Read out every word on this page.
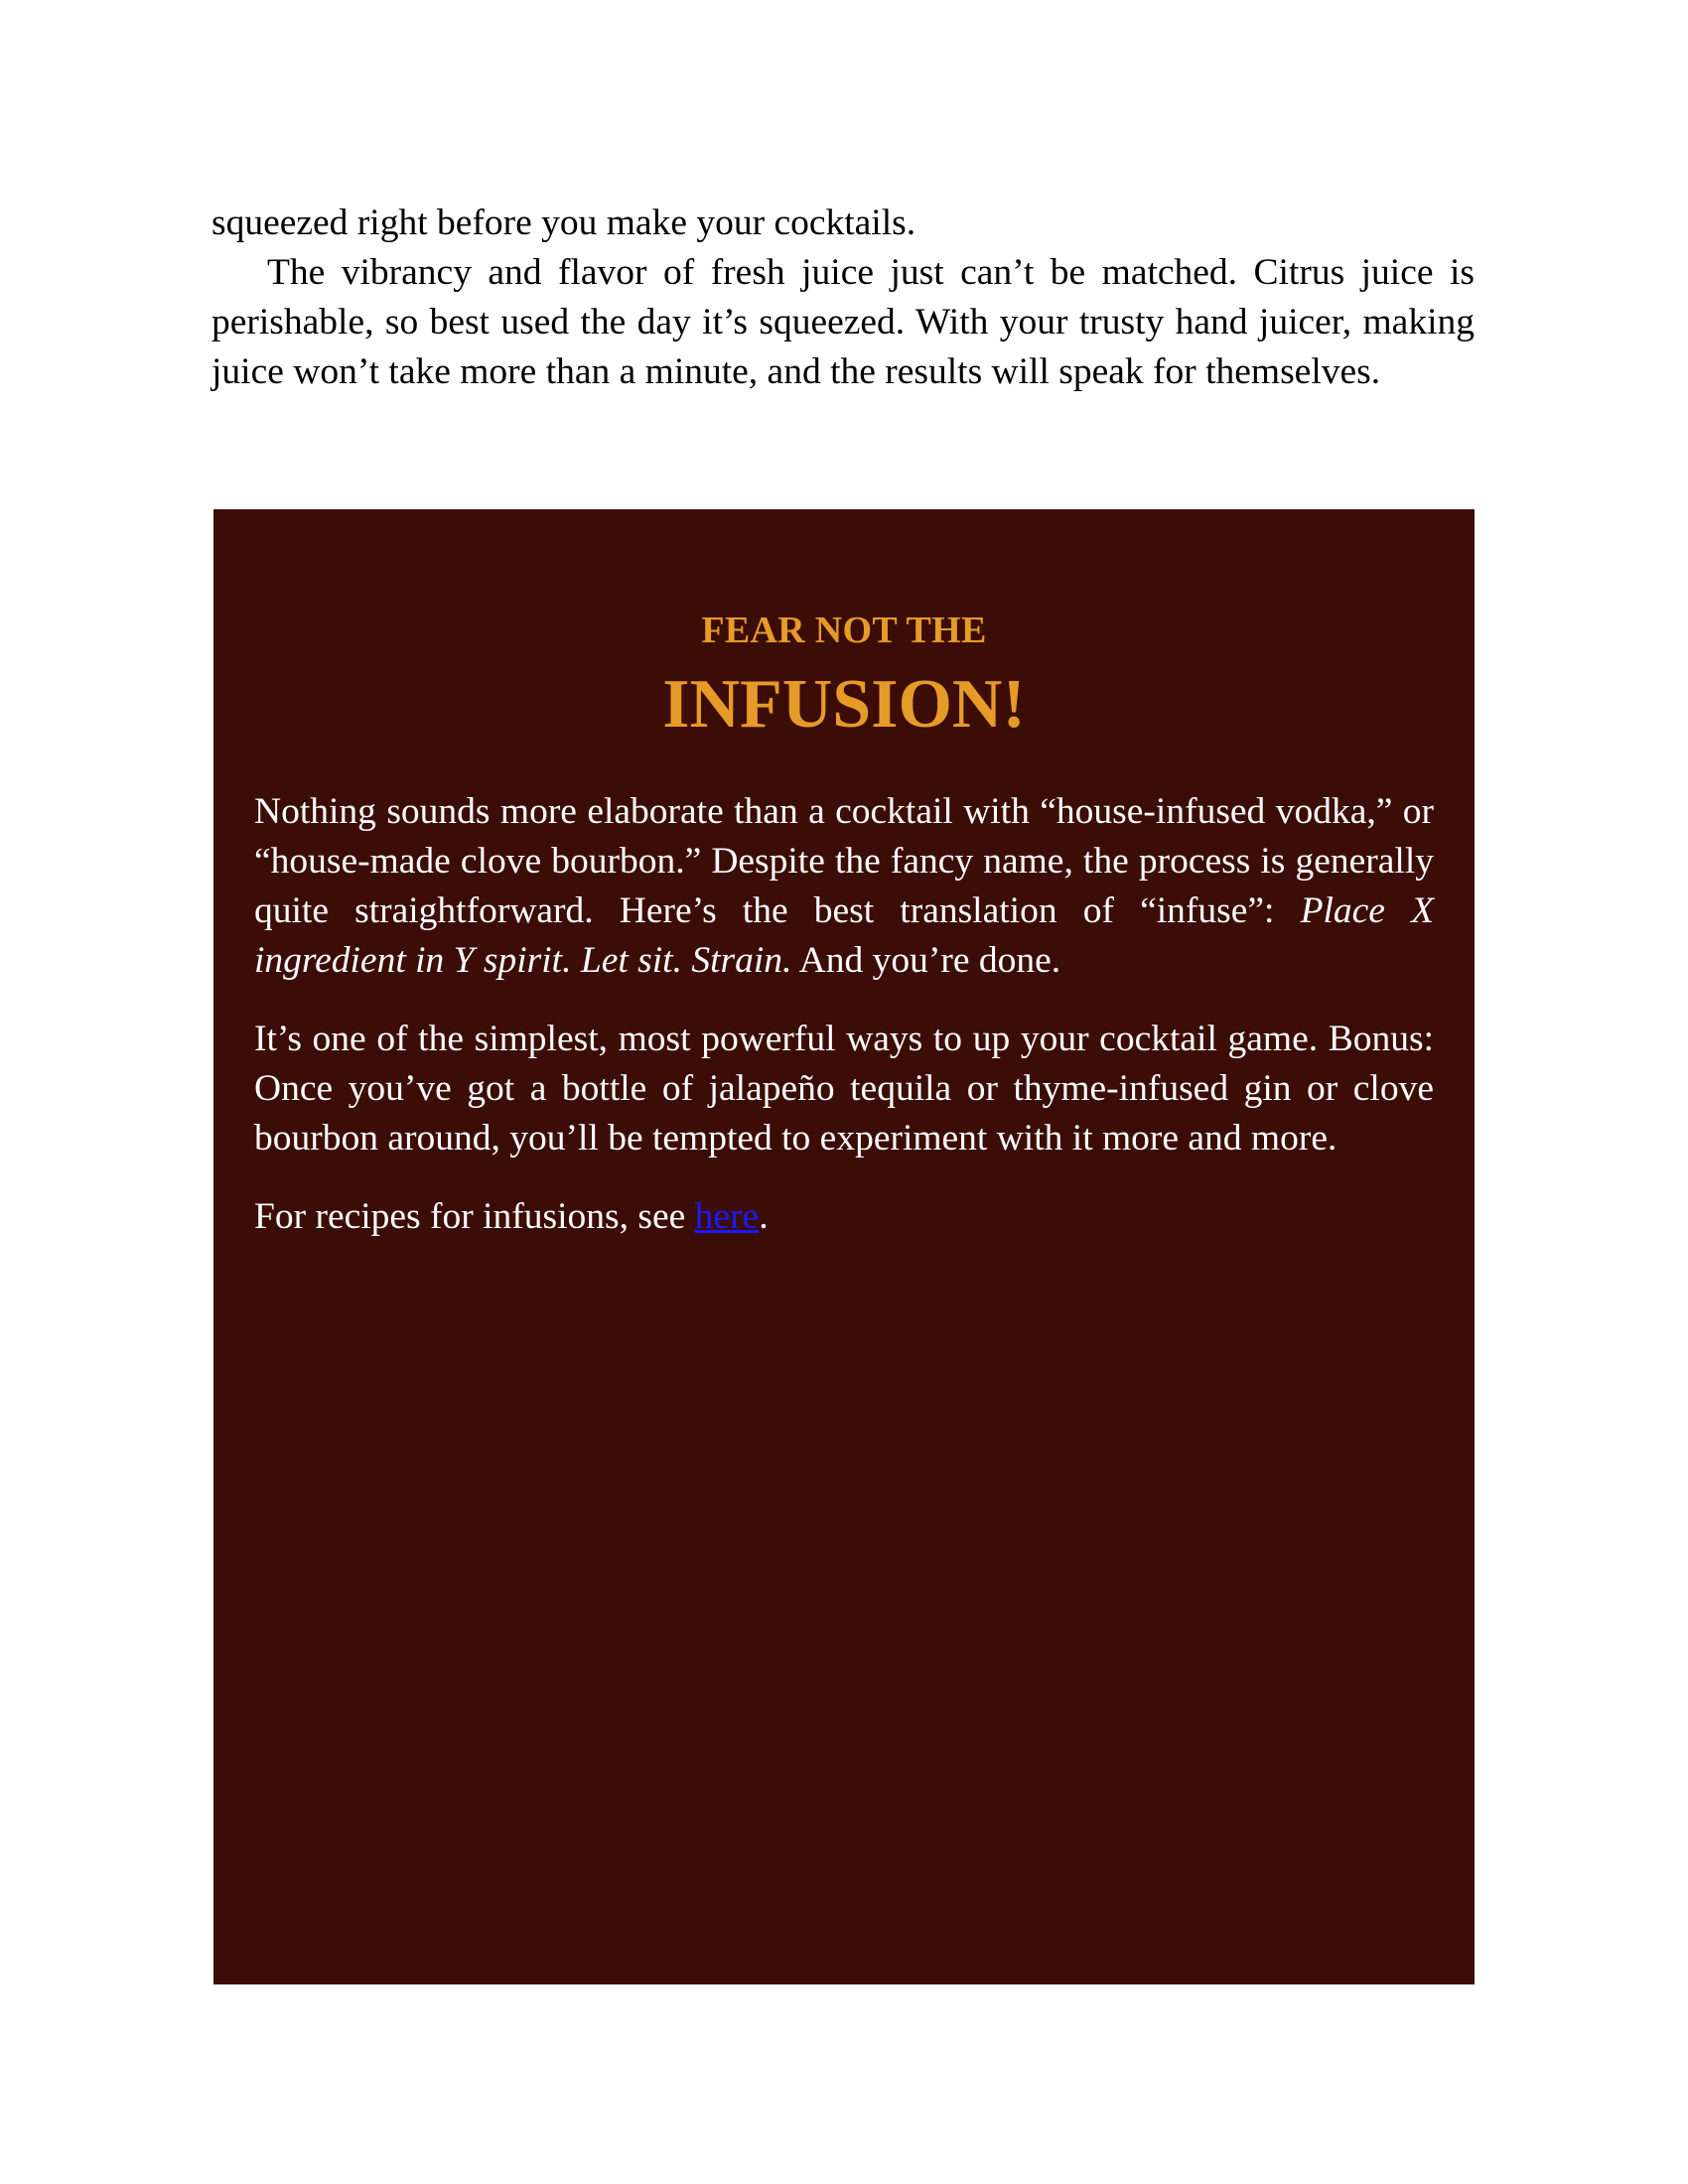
squeezed right before you make your cocktails.

The vibrancy and flavor of fresh juice just can’t be matched. Citrus juice is perishable, so best used the day it’s squeezed. With your trusty hand juicer, making juice won’t take more than a minute, and the results will speak for themselves.

FEAR NOT THE
INFUSION!

Nothing sounds more elaborate than a cocktail with “house-infused vodka,” or “house-made clove bourbon.” Despite the fancy name, the process is generally quite straightforward. Here’s the best translation of “infuse”: Place X ingredient in Y spirit. Let sit. Strain. And you’re done.

It’s one of the simplest, most powerful ways to up your cocktail game. Bonus: Once you’ve got a bottle of jalapeño tequila or thyme-infused gin or clove bourbon around, you’ll be tempted to experiment with it more and more.

For recipes for infusions, see here.
